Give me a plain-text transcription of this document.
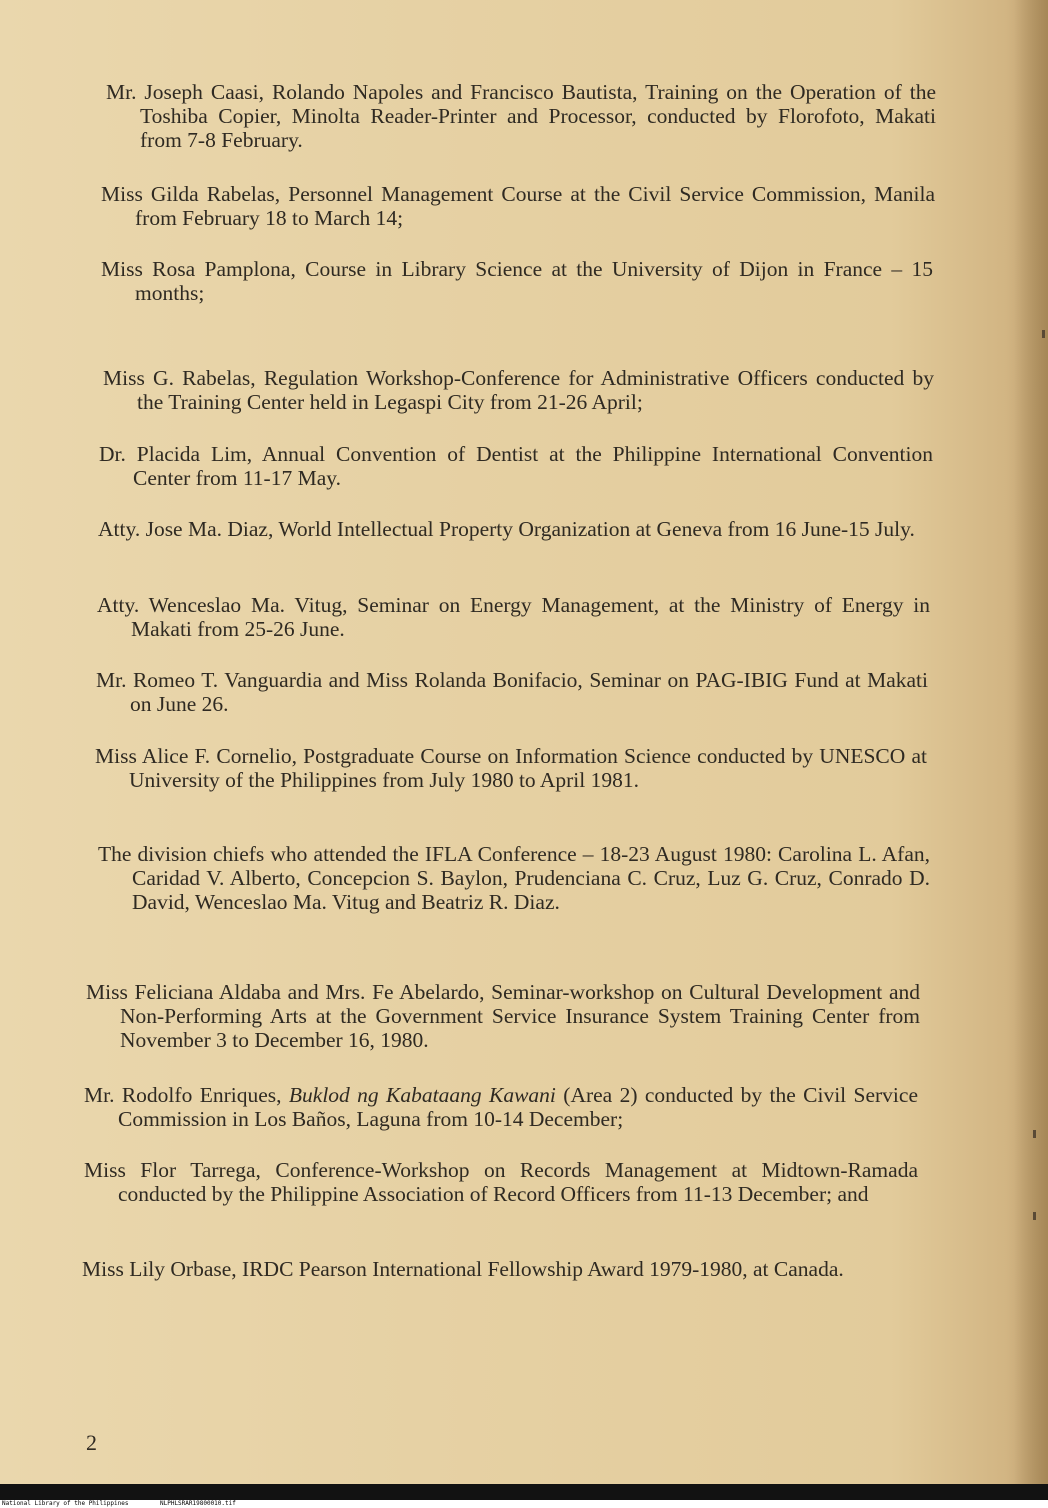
Mr. Joseph Caasi, Rolando Napoles and Francisco Bautista, Training on the Operation of the Toshiba Copier, Minolta Reader-Printer and Processor, conducted by Florofoto, Makati from 7-8 February.

Miss Gilda Rabelas, Personnel Management Course at the Civil Service Commission, Manila from February 18 to March 14;

Miss Rosa Pamplona, Course in Library Science at the University of Dijon in France – 15 months;

Miss G. Rabelas, Regulation Workshop-Conference for Administrative Officers conducted by the Training Center held in Legaspi City from 21-26 April;

Dr. Placida Lim, Annual Convention of Dentist at the Philippine International Convention Center from 11-17 May.

Atty. Jose Ma. Diaz, World Intellectual Property Organization at Geneva from 16 June-15 July.

Atty. Wenceslao Ma. Vitug, Seminar on Energy Management, at the Ministry of Energy in Makati from 25-26 June.

Mr. Romeo T. Vanguardia and Miss Rolanda Bonifacio, Seminar on PAG-IBIG Fund at Makati on June 26.

Miss Alice F. Cornelio, Postgraduate Course on Information Science conducted by UNESCO at University of the Philippines from July 1980 to April 1981.

The division chiefs who attended the IFLA Conference – 18-23 August 1980: Carolina L. Afan, Caridad V. Alberto, Concepcion S. Baylon, Prudenciana C. Cruz, Luz G. Cruz, Conrado D. David, Wenceslao Ma. Vitug and Beatriz R. Diaz.

Miss Feliciana Aldaba and Mrs. Fe Abelardo, Seminar-workshop on Cultural Development and Non-Performing Arts at the Government Service Insurance System Training Center from November 3 to December 16, 1980.

Mr. Rodolfo Enriques, Buklod ng Kabataang Kawani (Area 2) conducted by the Civil Service Commission in Los Baños, Laguna from 10-14 December;

Miss Flor Tarrega, Conference-Workshop on Records Management at Midtown-Ramada conducted by the Philippine Association of Record Officers from 11-13 December; and

Miss Lily Orbase, IRDC Pearson International Fellowship Award 1979-1980, at Canada.

2
National Library of the Philippines	NLPHLSRAR19800010.tif
